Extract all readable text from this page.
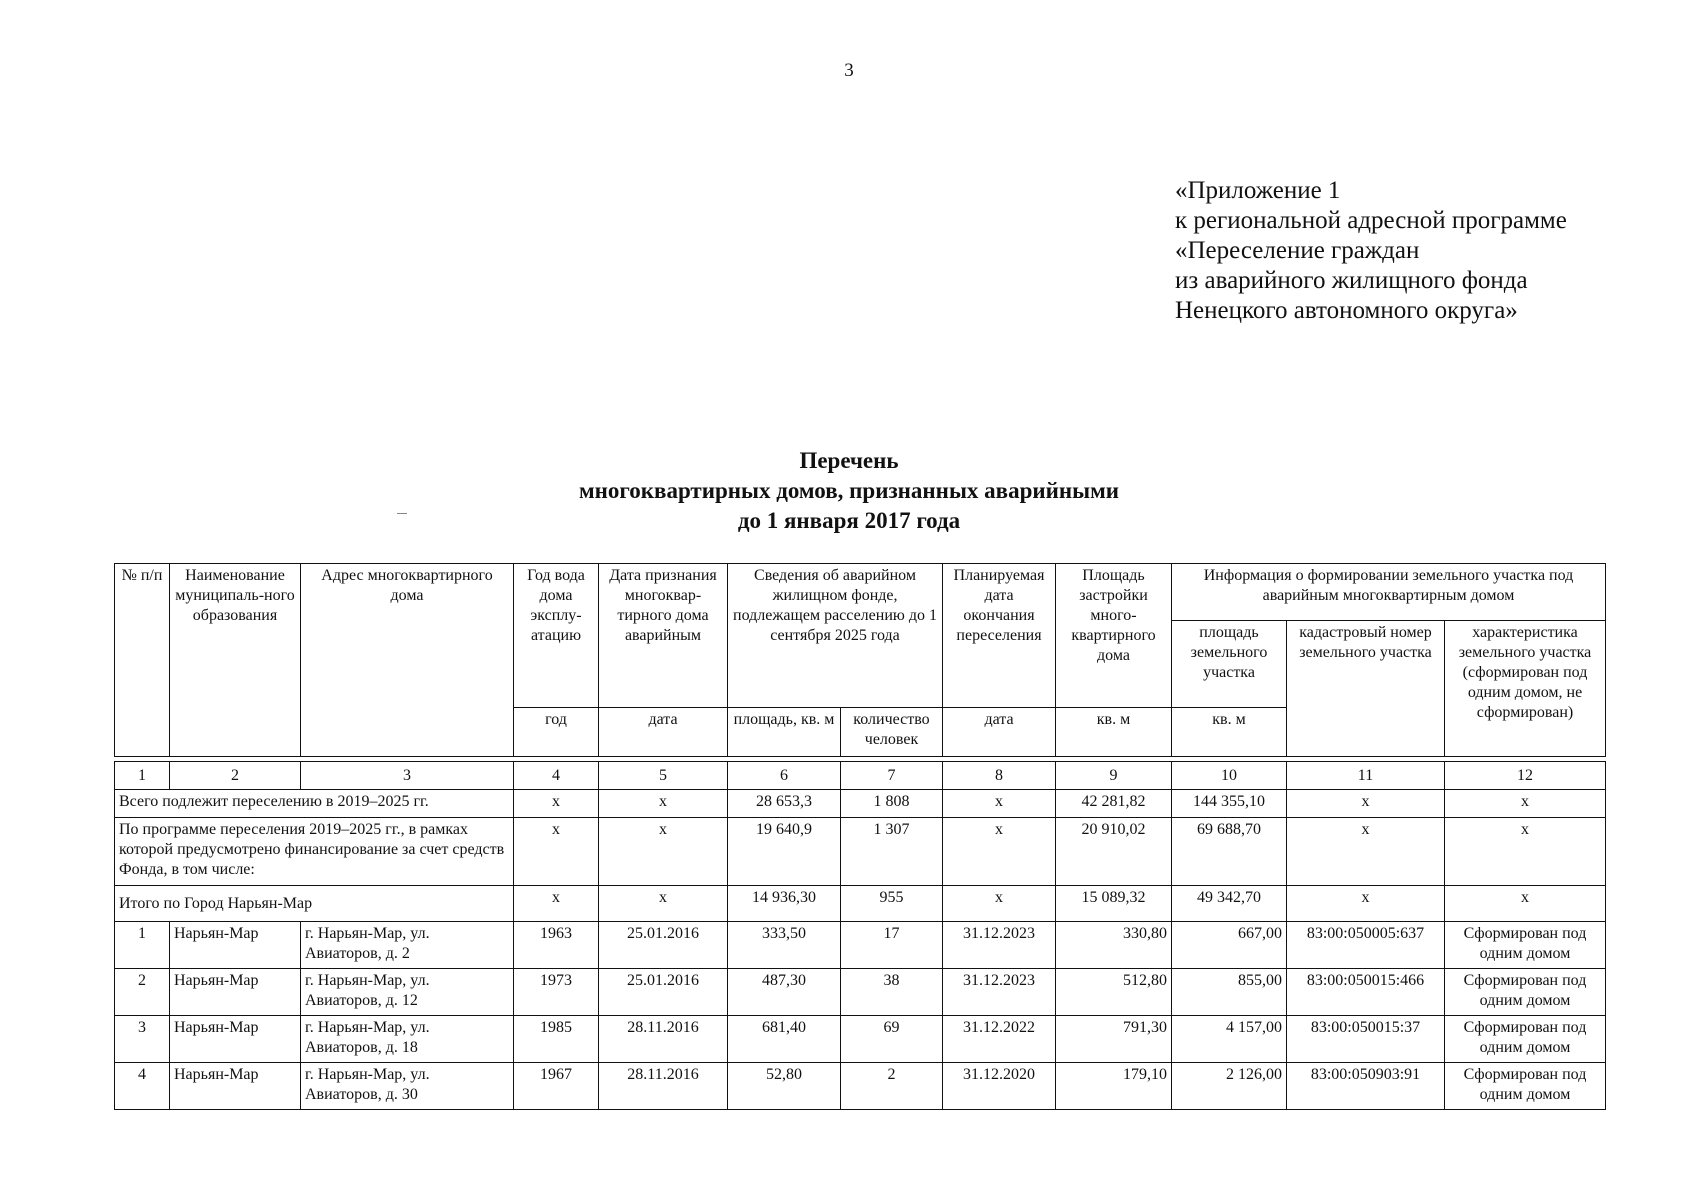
3
«Приложение 1
к региональной адресной программе
«Переселение граждан
из аварийного жилищного фонда
Ненецкого автономного округа»
Перечень
многоквартирных домов, признанных аварийными
до 1 января 2017 года
№ п/п	Наименование муниципаль-ного образования	Адрес многоквартирного дома	Год вода дома эксплу-атацию	Дата признания многоквар-тирного дома аварийным	Сведения об аварийном жилищном фонде, подлежащем расселению до 1 сентября 2025 года		Планируемая дата окончания переселения	Площадь застройки много-квартирного дома	Информация о формировании земельного участка под аварийным многоквартирным домом		
									площадь земельного участка	кадастровый номер земельного участка	характеристика земельного участка (сформирован под одним домом, не сформирован)
			год	дата	площадь, кв. м	количество человек	дата	кв. м	кв. м		

1	2	3	4	5	6	7	8	9	10	11	12
Всего подлежит переселению в 2019–2025 гг.			х	х	28 653,3	1 808	х	42 281,82	144 355,10	х	х
По программе переселения 2019–2025 гг., в рамках которой предусмотрено финансирование за счет средств Фонда, в том числе:			х	х	19 640,9	1 307	х	20 910,02	69 688,70	х	х
Итого по Город Нарьян-Мар			х	х	14 936,30	955	х	15 089,32	49 342,70	х	х
1	Нарьян-Мар	г. Нарьян-Мар, ул. Авиаторов, д. 2	1963	25.01.2016	333,50	17	31.12.2023	330,80	667,00	83:00:050005:637	Сформирован под одним домом
2	Нарьян-Мар	г. Нарьян-Мар, ул. Авиаторов, д. 12	1973	25.01.2016	487,30	38	31.12.2023	512,80	855,00	83:00:050015:466	Сформирован под одним домом
3	Нарьян-Мар	г. Нарьян-Мар, ул. Авиаторов, д. 18	1985	28.11.2016	681,40	69	31.12.2022	791,30	4 157,00	83:00:050015:37	Сформирован под одним домом
4	Нарьян-Мар	г. Нарьян-Мар, ул. Авиаторов, д. 30	1967	28.11.2016	52,80	2	31.12.2020	179,10	2 126,00	83:00:050903:91	Сформирован под одним домом
